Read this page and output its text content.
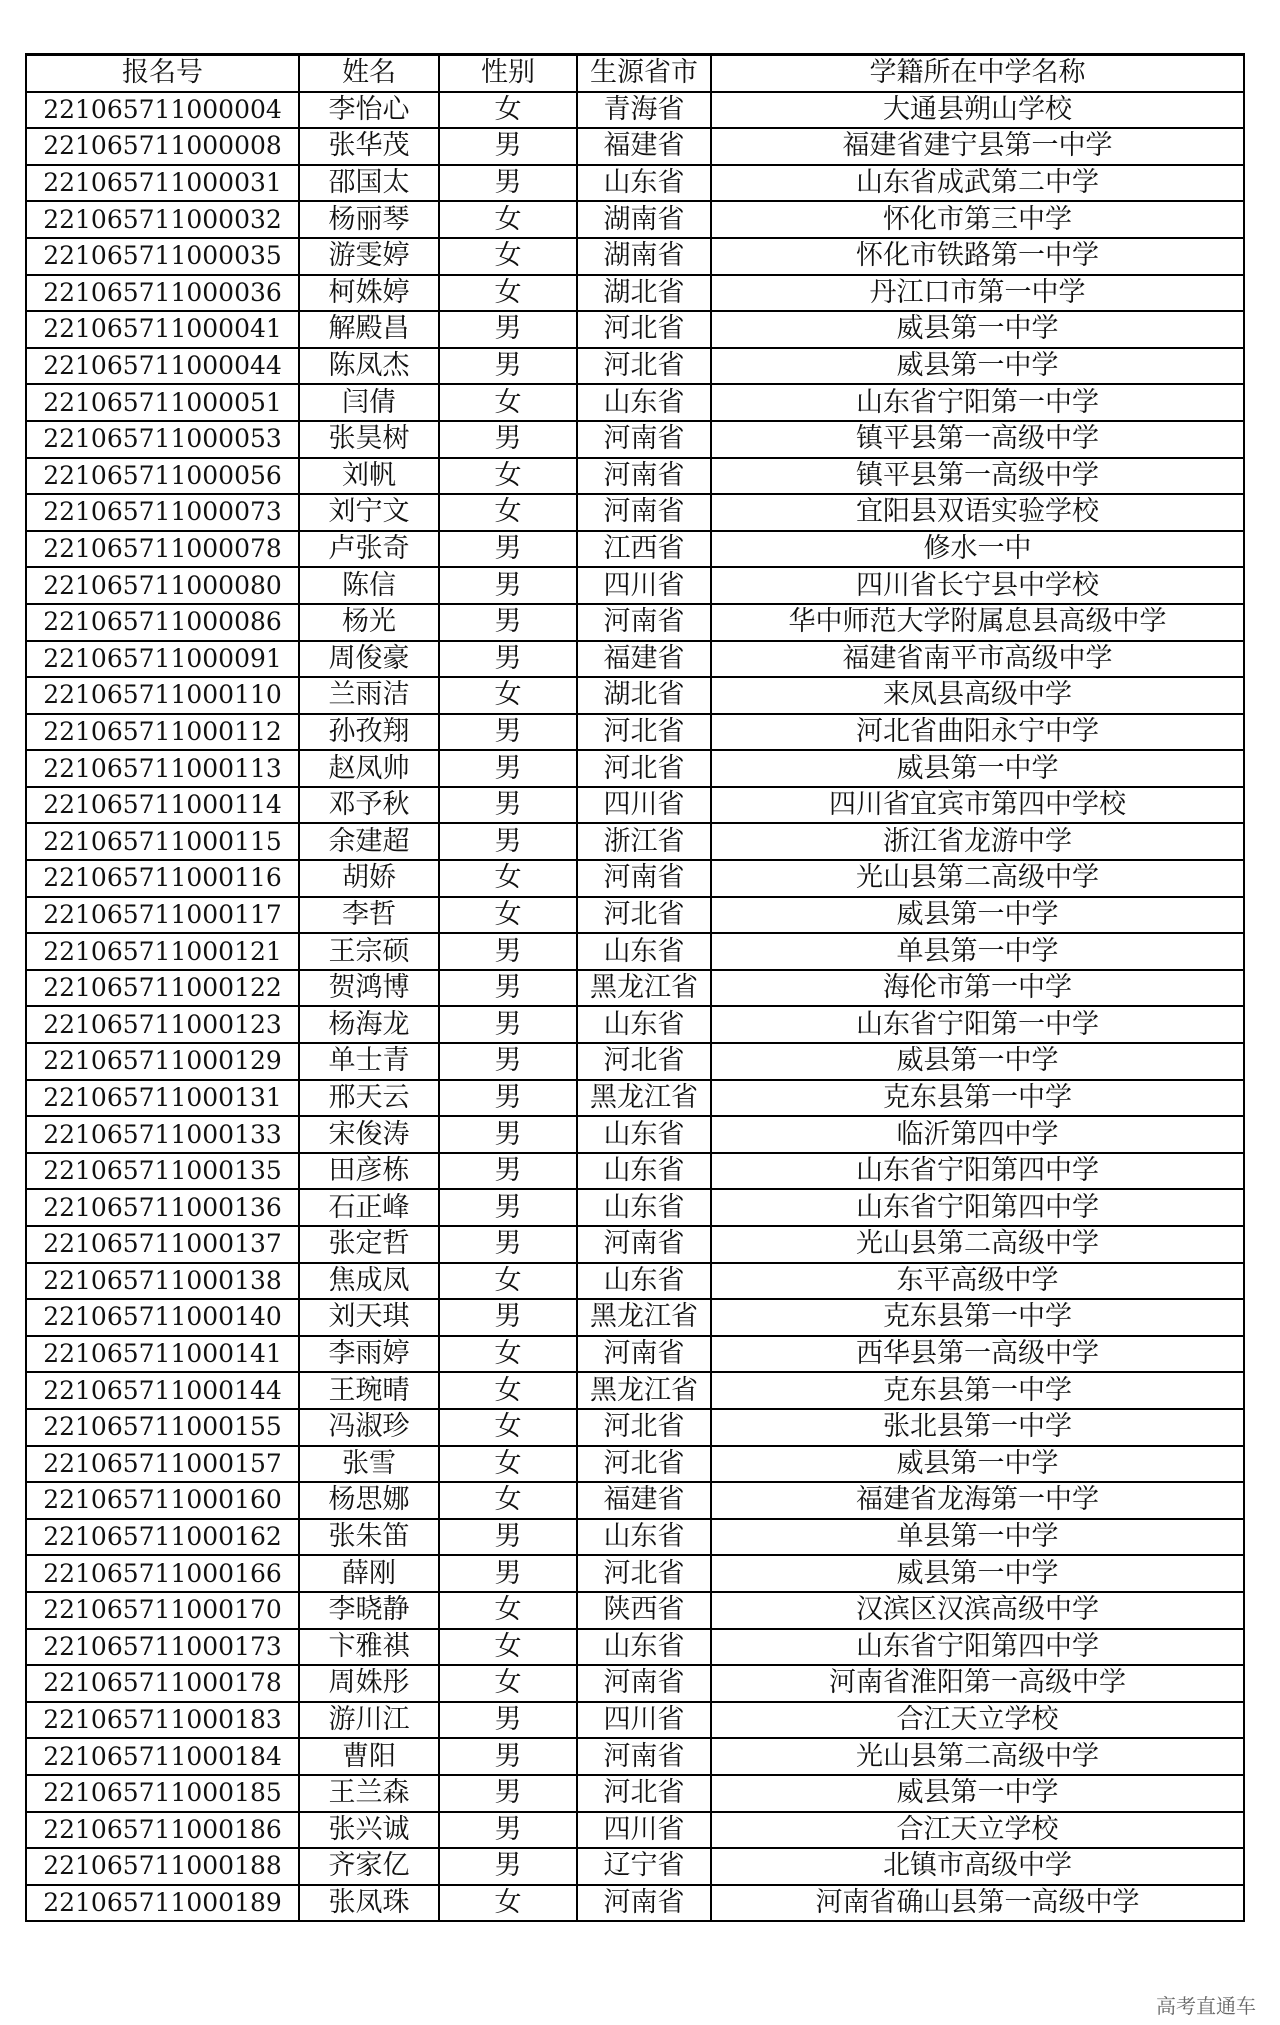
报名号	姓名	性别	生源省市	学籍所在中学名称
221065711000004	李怡心	女	青海省	大通县朔山学校
221065711000008	张华茂	男	福建省	福建省建宁县第一中学
221065711000031	邵国太	男	山东省	山东省成武第二中学
221065711000032	杨丽琴	女	湖南省	怀化市第三中学
221065711000035	游雯婷	女	湖南省	怀化市铁路第一中学
221065711000036	柯姝婷	女	湖北省	丹江口市第一中学
221065711000041	解殿昌	男	河北省	威县第一中学
221065711000044	陈凤杰	男	河北省	威县第一中学
221065711000051	闫倩	女	山东省	山东省宁阳第一中学
221065711000053	张昊树	男	河南省	镇平县第一高级中学
221065711000056	刘帆	女	河南省	镇平县第一高级中学
221065711000073	刘宁文	女	河南省	宜阳县双语实验学校
221065711000078	卢张奇	男	江西省	修水一中
221065711000080	陈信	男	四川省	四川省长宁县中学校
221065711000086	杨光	男	河南省	华中师范大学附属息县高级中学
221065711000091	周俊豪	男	福建省	福建省南平市高级中学
221065711000110	兰雨洁	女	湖北省	来凤县高级中学
221065711000112	孙孜翔	男	河北省	河北省曲阳永宁中学
221065711000113	赵凤帅	男	河北省	威县第一中学
221065711000114	邓予秋	男	四川省	四川省宜宾市第四中学校
221065711000115	余建超	男	浙江省	浙江省龙游中学
221065711000116	胡娇	女	河南省	光山县第二高级中学
221065711000117	李哲	女	河北省	威县第一中学
221065711000121	王宗硕	男	山东省	单县第一中学
221065711000122	贺鸿博	男	黑龙江省	海伦市第一中学
221065711000123	杨海龙	男	山东省	山东省宁阳第一中学
221065711000129	单士青	男	河北省	威县第一中学
221065711000131	邢天云	男	黑龙江省	克东县第一中学
221065711000133	宋俊涛	男	山东省	临沂第四中学
221065711000135	田彦栋	男	山东省	山东省宁阳第四中学
221065711000136	石正峰	男	山东省	山东省宁阳第四中学
221065711000137	张定哲	男	河南省	光山县第二高级中学
221065711000138	焦成凤	女	山东省	东平高级中学
221065711000140	刘天琪	男	黑龙江省	克东县第一中学
221065711000141	李雨婷	女	河南省	西华县第一高级中学
221065711000144	王琬晴	女	黑龙江省	克东县第一中学
221065711000155	冯淑珍	女	河北省	张北县第一中学
221065711000157	张雪	女	河北省	威县第一中学
221065711000160	杨思娜	女	福建省	福建省龙海第一中学
221065711000162	张朱笛	男	山东省	单县第一中学
221065711000166	薛刚	男	河北省	威县第一中学
221065711000170	李晓静	女	陕西省	汉滨区汉滨高级中学
221065711000173	卞雅祺	女	山东省	山东省宁阳第四中学
221065711000178	周姝彤	女	河南省	河南省淮阳第一高级中学
221065711000183	游川江	男	四川省	合江天立学校
221065711000184	曹阳	男	河南省	光山县第二高级中学
221065711000185	王兰森	男	河北省	威县第一中学
221065711000186	张兴诚	男	四川省	合江天立学校
221065711000188	齐家亿	男	辽宁省	北镇市高级中学
221065711000189	张凤珠	女	河南省	河南省确山县第一高级中学
高考直通车
